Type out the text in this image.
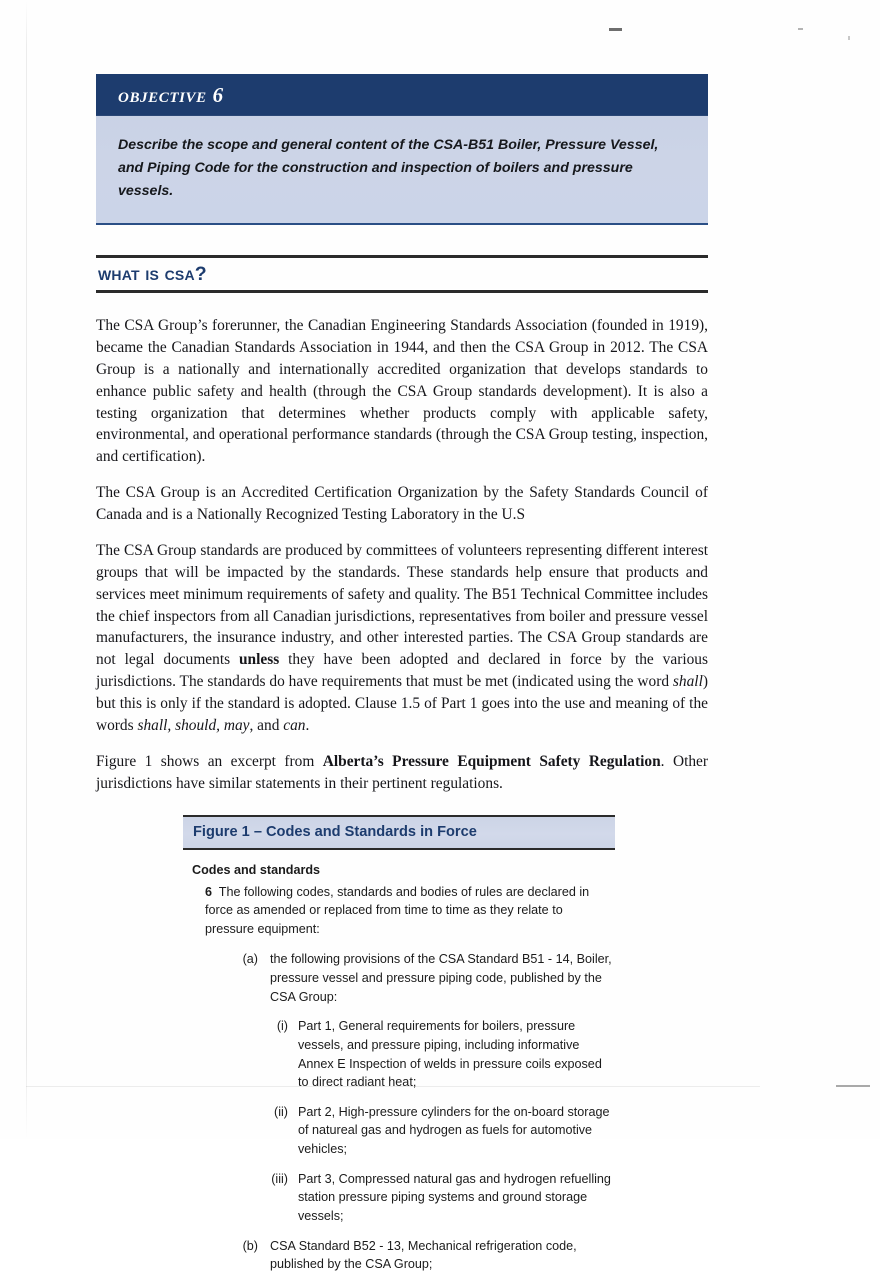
objective 6
Describe the scope and general content of the CSA-B51 Boiler, Pressure Vessel, and Piping Code for the construction and inspection of boilers and pressure vessels.
what is csa?

The CSA Group’s forerunner, the Canadian Engineering Standards Association (founded in 1919), became the Canadian Standards Association in 1944, and then the CSA Group in 2012. The CSA Group is a nationally and internationally accredited organization that develops standards to enhance public safety and health (through the CSA Group standards development). It is also a testing organization that determines whether products comply with applicable safety, environmental, and operational performance standards (through the CSA Group testing, inspection, and certification).

The CSA Group is an Accredited Certification Organization by the Safety Standards Council of Canada and is a Nationally Recognized Testing Laboratory in the U.S

The CSA Group standards are produced by committees of volunteers representing different interest groups that will be impacted by the standards. These standards help ensure that products and services meet minimum requirements of safety and quality. The B51 Technical Committee includes the chief inspectors from all Canadian jurisdictions, representatives from boiler and pressure vessel manufacturers, the insurance industry, and other interested parties. The CSA Group standards are not legal documents unless they have been adopted and declared in force by the various jurisdictions. The standards do have requirements that must be met (indicated using the word shall) but this is only if the standard is adopted. Clause 1.5 of Part 1 goes into the use and meaning of the words shall, should, may, and can.

Figure 1 shows an excerpt from Alberta’s Pressure Equipment Safety Regulation. Other jurisdictions have similar statements in their pertinent regulations.

Figure 1 – Codes and Standards in Force
Codes and standards
6 The following codes, standards and bodies of rules are declared in force as amended or replaced from time to time as they relate to pressure equipment:
(a) the following provisions of the CSA Standard B51 - 14, Boiler, pressure vessel and pressure piping code, published by the CSA Group:
(i) Part 1, General requirements for boilers, pressure vessels, and pressure piping, including informative Annex E Inspection of welds in pressure coils exposed to direct radiant heat;
(ii) Part 2, High-pressure cylinders for the on-board storage of natureal gas and hydrogen as fuels for automotive vehicles;
(iii) Part 3, Compressed natural gas and hydrogen refuelling station pressure piping systems and ground storage vessels;
(b) CSA Standard B52 - 13, Mechanical refrigeration code, published by the CSA Group;
